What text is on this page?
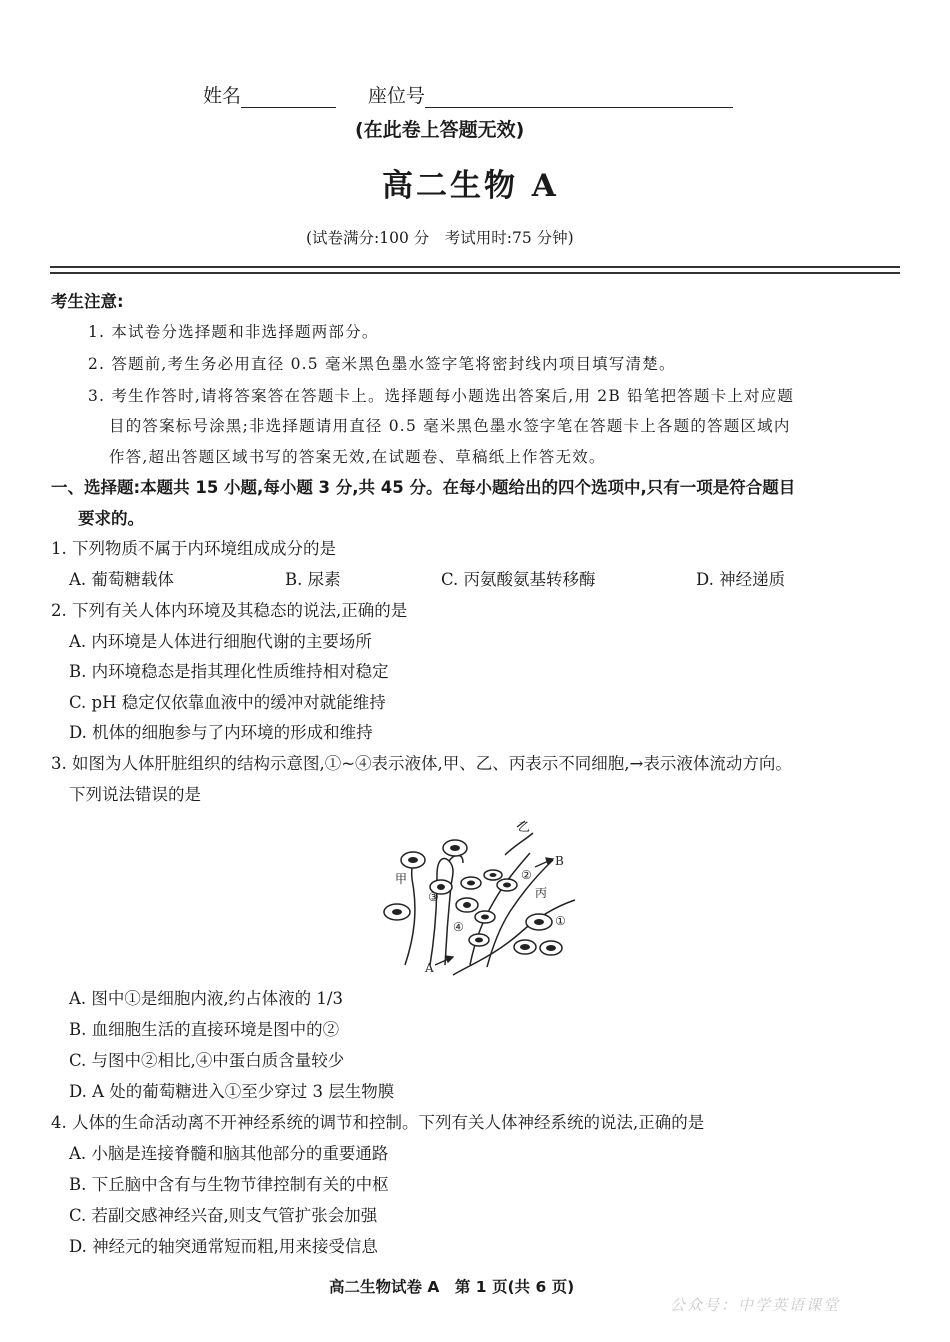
姓名	座位号
(在此卷上答题无效)
高二生物 A
(试卷满分:100 分　考试用时:75 分钟)
考生注意:
1. 本试卷分选择题和非选择题两部分。
2. 答题前,考生务必用直径 0.5 毫米黑色墨水签字笔将密封线内项目填写清楚。
3. 考生作答时,请将答案答在答题卡上。选择题每小题选出答案后,用 2B 铅笔把答题卡上对应题
目的答案标号涂黑;非选择题请用直径 0.5 毫米黑色墨水签字笔在答题卡上各题的答题区域内
作答,超出答题区域书写的答案无效,在试题卷、草稿纸上作答无效。
一、选择题:本题共 15 小题,每小题 3 分,共 45 分。在每小题给出的四个选项中,只有一项是符合题目
要求的。
1. 下列物质不属于内环境组成成分的是
A. 葡萄糖载体	B. 尿素	C. 丙氨酸氨基转移酶	D. 神经递质
2. 下列有关人体内环境及其稳态的说法,正确的是
A. 内环境是人体进行细胞代谢的主要场所
B. 内环境稳态是指其理化性质维持相对稳定
C. pH 稳定仅依靠血液中的缓冲对就能维持
D. 机体的细胞参与了内环境的形成和维持
3. 如图为人体肝脏组织的结构示意图,①~④表示液体,甲、乙、丙表示不同细胞,→表示液体流动方向。
下列说法错误的是
乙
B
甲
③
②
丙
①
④
A
A. 图中①是细胞内液,约占体液的 1/3
B. 血细胞生活的直接环境是图中的②
C. 与图中②相比,④中蛋白质含量较少
D. A 处的葡萄糖进入①至少穿过 3 层生物膜
4. 人体的生命活动离不开神经系统的调节和控制。下列有关人体神经系统的说法,正确的是
A. 小脑是连接脊髓和脑其他部分的重要通路
B. 下丘脑中含有与生物节律控制有关的中枢
C. 若副交感神经兴奋,则支气管扩张会加强
D. 神经元的轴突通常短而粗,用来接受信息
高二生物试卷 A　第 1 页(共 6 页)
公众号：中学英语课堂
